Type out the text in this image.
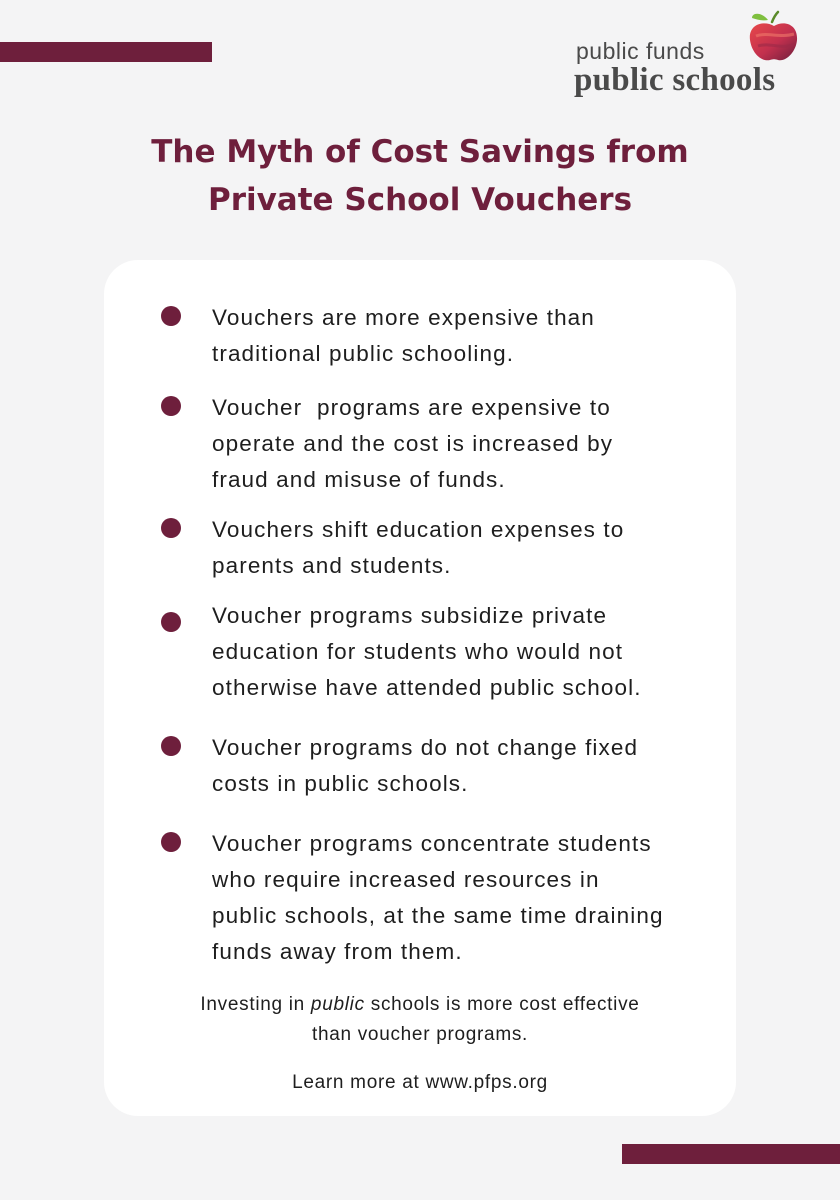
public funds
public schools
The Myth of Cost Savings from
Private School Vouchers
Vouchers are more expensive than
traditional public schooling.
Voucher  programs are expensive to
operate and the cost is increased by
fraud and misuse of funds.
Vouchers shift education expenses to
parents and students.
Voucher programs subsidize private
education for students who would not
otherwise have attended public school.
Voucher programs do not change fixed
costs in public schools.
Voucher programs concentrate students
who require increased resources in
public schools, at the same time draining
funds away from them.
Investing in public schools is more cost effective
than voucher programs.
Learn more at www.pfps.org
